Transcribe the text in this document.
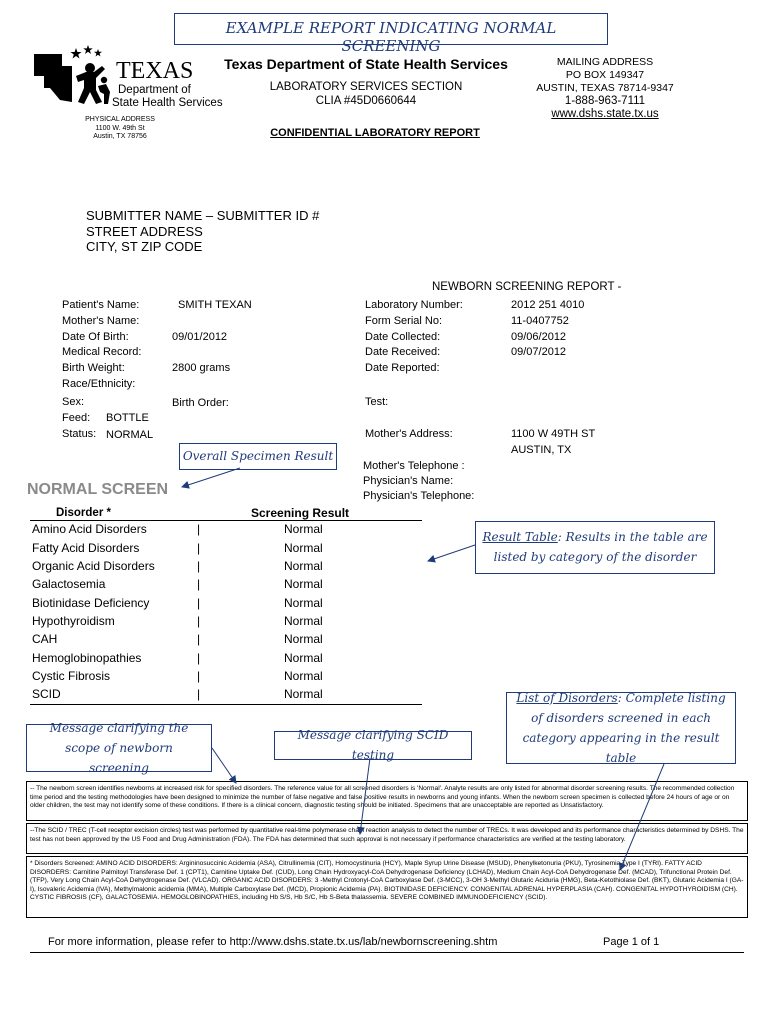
EXAMPLE REPORT INDICATING NORMAL SCREENING
TEXAS
Department of
State Health Services
PHYSICAL ADDRESS
1100 W. 49th St
Austin, TX 78756
Texas Department of State Health Services
LABORATORY SERVICES SECTION
CLIA #45D0660644
CONFIDENTIAL LABORATORY REPORT
MAILING ADDRESS
PO BOX 149347
AUSTIN, TEXAS 78714-9347
1-888-963-7111
www.dshs.state.tx.us
SUBMITTER NAME – SUBMITTER ID #
STREET ADDRESS
CITY, ST ZIP CODE
NEWBORN SCREENING REPORT -
Patient's Name:	SMITH TEXAN
Mother's Name:
Date Of Birth:	09/01/2012
Medical Record:
Birth Weight:	2800 grams
Race/Ethnicity:
Sex:	Birth Order:
Feed: BOTTLE
Status: NORMAL
Laboratory Number:	2012 251 4010
Form Serial No:	11-0407752
Date Collected:	09/06/2012
Date Received:	09/07/2012
Date Reported:
Test:
Mother's Address:	1100 W 49TH ST
AUSTIN, TX
Mother's Telephone :
Physician's Name:
Physician's Telephone:
NORMAL SCREEN
Overall Specimen Result
Result Table: Results in the table are listed by category of the disorder
List of Disorders: Complete listing of disorders screened in each category appearing in the result table
Message clarifying the scope of newborn screening
Message clarifying SCID testing
Disorder *	Screening Result
Amino Acid Disorders	|	Normal
Fatty Acid Disorders	|	Normal
Organic Acid Disorders	|	Normal
Galactosemia	|	Normal
Biotinidase Deficiency	|	Normal
Hypothyroidism	|	Normal
CAH	|	Normal
Hemoglobinopathies	|	Normal
Cystic Fibrosis	|	Normal
SCID	|	Normal
-- The newborn screen identifies newborns at increased risk for specified disorders. The reference value for all screened disorders is 'Normal'. Analyte results are only listed for abnormal disorder screening results. The recommended collection time period and the testing methodologies have been designed to minimize the number of false negative and false positive results in newborns and young infants. When the newborn screen specimen is collected before 24 hours of age or on older children, the test may not identify some of these conditions. If there is a clinical concern, diagnostic testing should be initiated. Specimens that are unacceptable are reported as Unsatisfactory.
--The SCID / TREC (T-cell receptor excision circles) test was performed by quantitative real-time polymerase chain reaction analysis to detect the number of TRECs. It was developed and its performance characteristics determined by DSHS. The test has not been approved by the US Food and Drug Administration (FDA). The FDA has determined that such approval is not necessary if performance characteristics are verified at the testing laboratory.
* Disorders Screened: AMINO ACID DISORDERS: Argininosuccinic Acidemia (ASA), Citrullinemia (CIT), Homocystinuria (HCY), Maple Syrup Urine Disease (MSUD), Phenylketonuria (PKU), Tyrosinemia Type I (TYRI). FATTY ACID DISORDERS: Carnitine Palmitoyl Transferase Def. 1 (CPT1), Carnitine Uptake Def. (CUD), Long Chain Hydroxyacyl-CoA Dehydrogenase Deficiency (LCHAD), Medium Chain Acyl-CoA Dehydrogenase Def. (MCAD), Trifunctional Protein Def. (TFP), Very Long Chain Acyl-CoA Dehydrogenase Def. (VLCAD). ORGANIC ACID DISORDERS: 3 -Methyl Crotonyl-CoA Carboxylase Def. (3-MCC), 3-OH 3-Methyl Glutaric Aciduria (HMG), Beta-Ketothiolase Def. (BKT), Glutaric Acidemia I (GA-I), Isovaleric Acidemia (IVA), Methylmalonic acidemia (MMA), Multiple Carboxylase Def. (MCD), Propionic Acidemia (PA). BIOTINIDASE DEFICIENCY. CONGENITAL ADRENAL HYPERPLASIA (CAH). CONGENITAL HYPOTHYROIDISM (CH). CYSTIC FIBROSIS (CF), GALACTOSEMIA. HEMOGLOBINOPATHIES, including Hb S/S, Hb S/C, Hb S-Beta thalassemia. SEVERE COMBINED IMMUNODEFICIENCY (SCID).
For more information, please refer to http://www.dshs.state.tx.us/lab/newbornscreening.shtm	Page 1 of 1
